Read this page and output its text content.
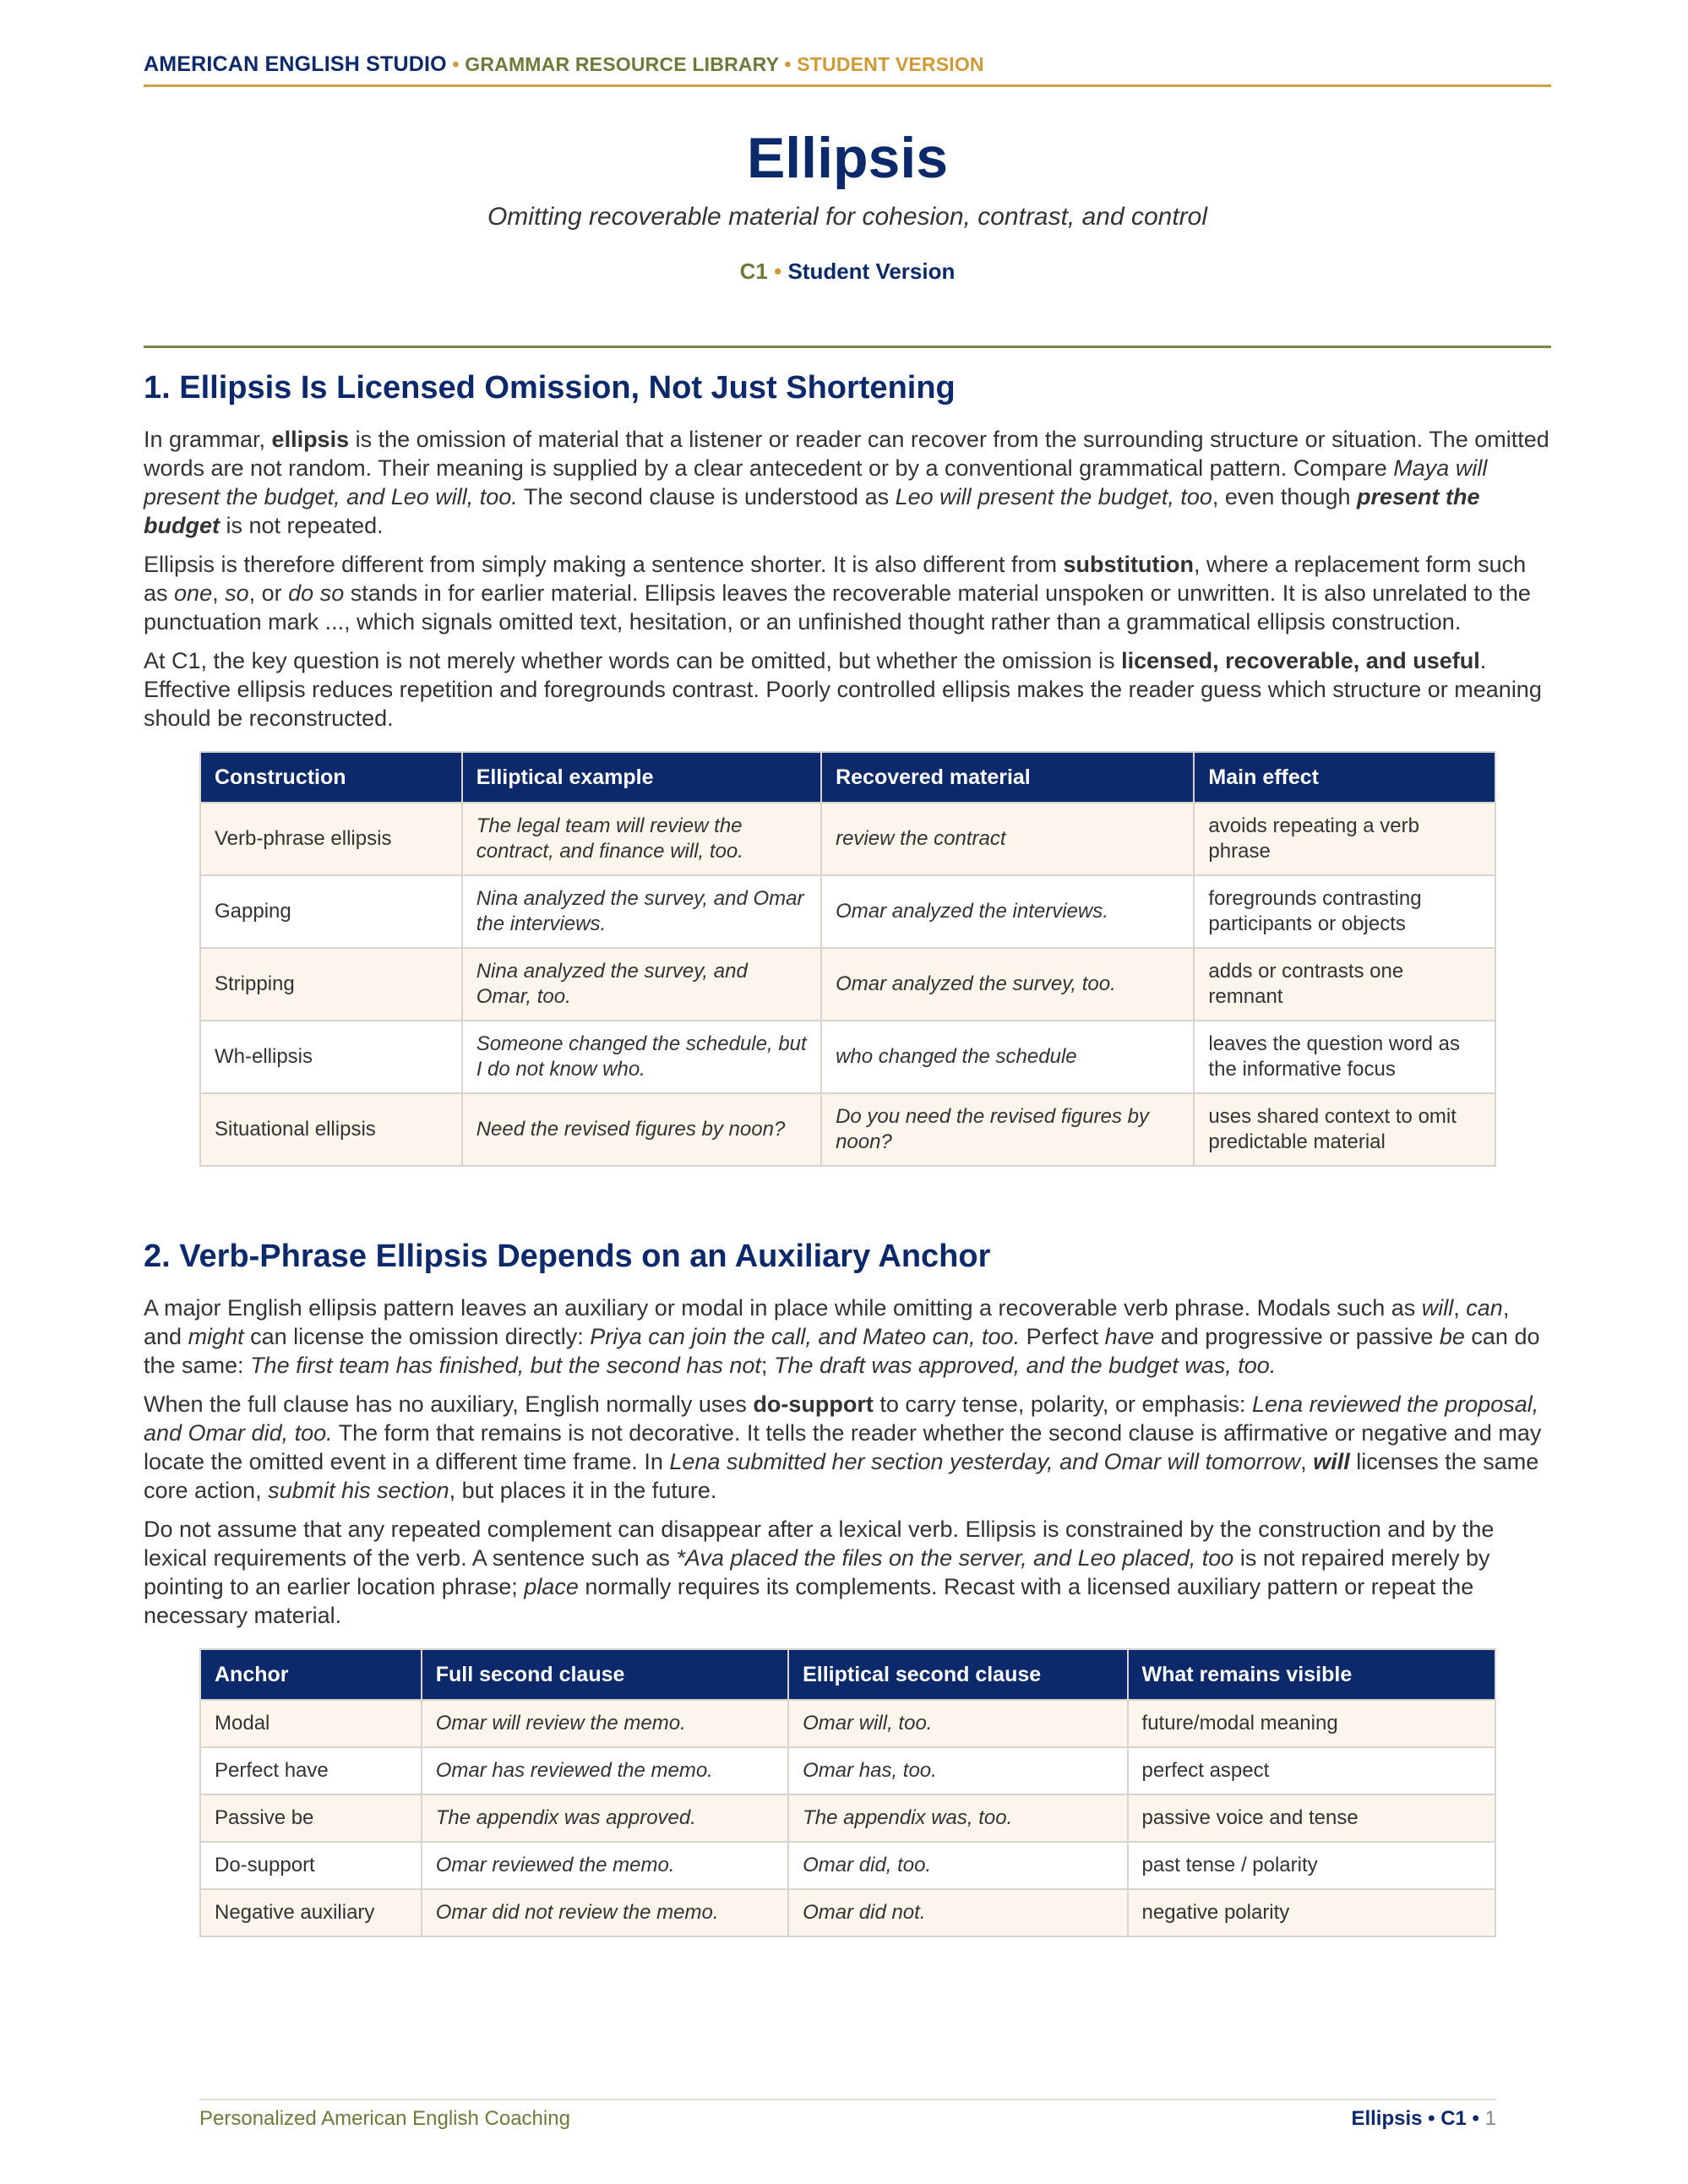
AMERICAN ENGLISH STUDIO • GRAMMAR RESOURCE LIBRARY • STUDENT VERSION
Ellipsis

Omitting recoverable material for cohesion, contrast, and control

C1 • Student Version
1. Ellipsis Is Licensed Omission, Not Just Shortening

In grammar, ellipsis is the omission of material that a listener or reader can recover from the surrounding structure or situation. The omitted words are not random. Their meaning is supplied by a clear antecedent or by a conventional grammatical pattern. Compare Maya will present the budget, and Leo will, too. The second clause is understood as Leo will present the budget, too, even though present the budget is not repeated.

Ellipsis is therefore different from simply making a sentence shorter. It is also different from substitution, where a replacement form such as one, so, or do so stands in for earlier material. Ellipsis leaves the recoverable material unspoken or unwritten. It is also unrelated to the punctuation mark ..., which signals omitted text, hesitation, or an unfinished thought rather than a grammatical ellipsis construction.

At C1, the key question is not merely whether words can be omitted, but whether the omission is licensed, recoverable, and useful. Effective ellipsis reduces repetition and foregrounds contrast. Poorly controlled ellipsis makes the reader guess which structure or meaning should be reconstructed.

Construction	Elliptical example	Recovered material	Main effect
Verb-phrase ellipsis	The legal team will review the contract, and finance will, too.	review the contract	avoids repeating a verb phrase
Gapping	Nina analyzed the survey, and Omar the interviews.	Omar analyzed the interviews.	foregrounds contrasting participants or objects
Stripping	Nina analyzed the survey, and Omar, too.	Omar analyzed the survey, too.	adds or contrasts one remnant
Wh-ellipsis	Someone changed the schedule, but I do not know who.	who changed the schedule	leaves the question word as the informative focus
Situational ellipsis	Need the revised figures by noon?	Do you need the revised figures by noon?	uses shared context to omit predictable material
2. Verb-Phrase Ellipsis Depends on an Auxiliary Anchor

A major English ellipsis pattern leaves an auxiliary or modal in place while omitting a recoverable verb phrase. Modals such as will, can, and might can license the omission directly: Priya can join the call, and Mateo can, too. Perfect have and progressive or passive be can do the same: The first team has finished, but the second has not; The draft was approved, and the budget was, too.

When the full clause has no auxiliary, English normally uses do-support to carry tense, polarity, or emphasis: Lena reviewed the proposal, and Omar did, too. The form that remains is not decorative. It tells the reader whether the second clause is affirmative or negative and may locate the omitted event in a different time frame. In Lena submitted her section yesterday, and Omar will tomorrow, will licenses the same core action, submit his section, but places it in the future.

Do not assume that any repeated complement can disappear after a lexical verb. Ellipsis is constrained by the construction and by the lexical requirements of the verb. A sentence such as *Ava placed the files on the server, and Leo placed, too is not repaired merely by pointing to an earlier location phrase; place normally requires its complements. Recast with a licensed auxiliary pattern or repeat the necessary material.

Anchor	Full second clause	Elliptical second clause	What remains visible
Modal	Omar will review the memo.	Omar will, too.	future/modal meaning
Perfect have	Omar has reviewed the memo.	Omar has, too.	perfect aspect
Passive be	The appendix was approved.	The appendix was, too.	passive voice and tense
Do-support	Omar reviewed the memo.	Omar did, too.	past tense / polarity
Negative auxiliary	Omar did not review the memo.	Omar did not.	negative polarity
Personalized American English Coaching	Ellipsis • C1 • 1
